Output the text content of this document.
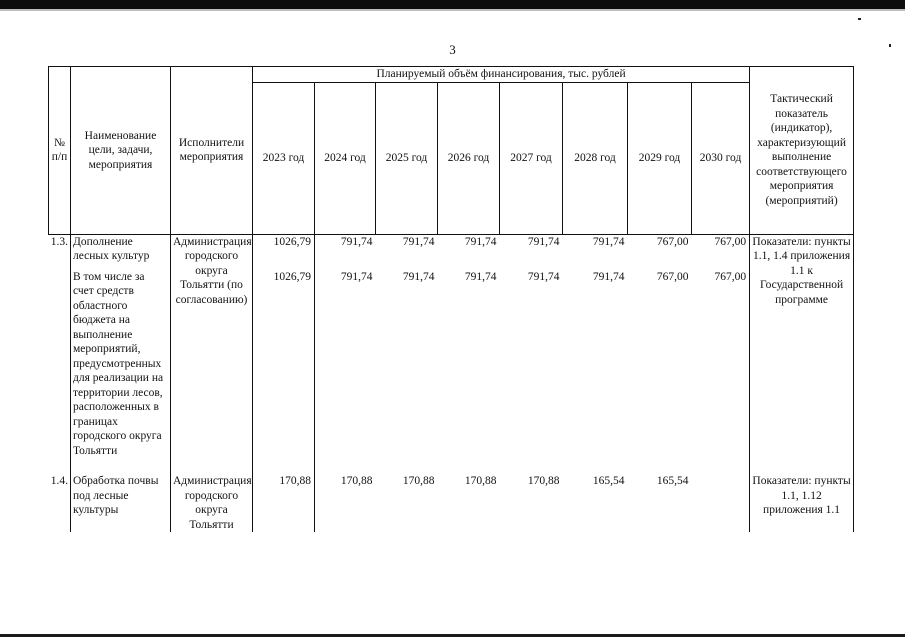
3
№ п/п	Наименование цели, задачи, мероприятия	Исполнители мероприятия	Планируемый объём финансирования, тыс. рублей								Тактический показатель (индикатор), характеризующий выполнение соответствующего мероприятия (мероприятий)
			2023 год	2024 год	2025 год	2026 год	2027 год	2028 год	2029 год	2030 год	
1.3.	Дополнение лесных культур	Администрация городского округа Тольятти (по согласованию)	1026,79	791,74	791,74	791,74	791,74	791,74	767,00	767,00	Показатели: пункты 1.1, 1.4 приложения 1.1 к Государственной программе
	В том числе за счет средств областного бюджета на выполнение мероприятий, предусмотренных для реализации на территории лесов, расположенных в границах городского округа Тольятти		1026,79	791,74	791,74	791,74	791,74	791,74	767,00	767,00	

1.4.	Обработка почвы под лесные культуры	Администрация городского округа Тольятти	170,88	170,88	170,88	170,88	170,88	165,54	165,54		Показатели: пункты 1.1, 1.12 приложения 1.1
